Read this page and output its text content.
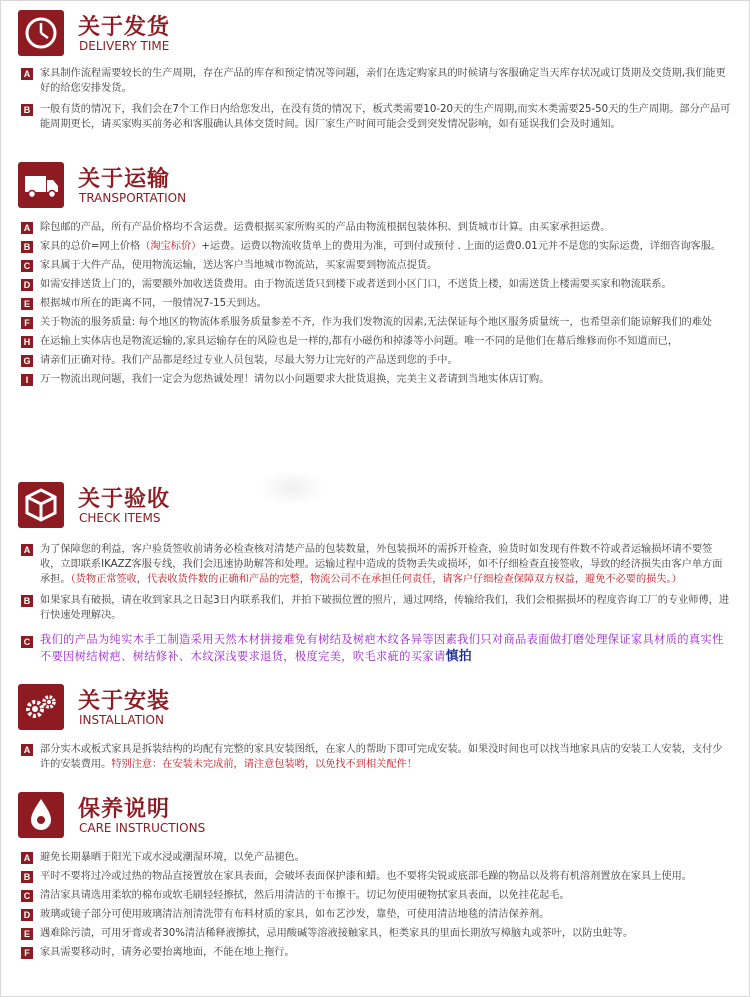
关于发货
DELIVERY TIME
A 家具制作流程需要较长的生产周期，存在产品的库存和预定情况等问题，亲们在选定购家具的时候请与客服确定当天库存状况或订货期及交货期,我们能更好的给您安排发货。
B 一般有货的情况下，我们会在7个工作日内给您发出，在没有货的情况下，板式类需要10-20天的生产周期,而实木类需要25-50天的生产周期。部分产品可能周期更长，请买家购买前务必和客服确认具体交货时间。因厂家生产时间可能会受到突发情况影响，如有延误我们会及时通知。
关于运输
TRANSPORTATION
A 除包邮的产品，所有产品价格均不含运费。运费根据买家所购买的产品由物流根据包装体积、到货城市计算。由买家承担运费。
B 家具的总价=网上价格（淘宝标价）+运费。运费以物流收货单上的费用为准，可到付或预付 . 上面的运费0.01元并不是您的实际运费，详细咨询客服。
C 家具属于大件产品，使用物流运输，送达客户当地城市物流站，买家需要到物流点提货。
D 如需安排送货上门的，需要额外加收送货费用。由于物流送货只到楼下或者送到小区门口，不送货上楼，如需送货上楼需要买家和物流联系。
E 根据城市所在的距离不同，一般情况7-15天到达。
F	关于物流的服务质量: 每个地区的物流体系服务质量参差不齐，作为我们发物流的因素,无法保证每个地区服务质量统一，也希望亲们能谅解我们的难处
H 在运输上实体店也是物流运输的,家具运输存在的风险也是一样的,都有小磁伤和掉漆等小问题。唯一不同的是他们在幕后维修而你不知道而已，
G 请亲们正确对待。我们产品都是经过专业人员包装，尽最大努力让完好的产品送到您的手中。
I	万一物流出现问题，我们一定会为您热诚处理！请勿以小问题要求大批货退换，完美主义者请到当地实体店订购。
关于验收
CHECK ITEMS
A 为了保障您的利益，客户验货签收前请务必检查核对清楚产品的包装数量，外包装损坏的需拆开检查，验货时如发现有件数不符或者运输损坏请不要签收，立即联系IKAZZ客服专线，我们会迅速协助解答和处理。运输过程中造成的货物丢失或损坏，如不仔细检查直接签收，导致的经济损失由客户单方面承担。（货物正常签收，代表收货件数的正确和产品的完整，物流公司不在承担任何责任，请客户仔细检查保障双方权益，避免不必要的损失。）
B 如果家具有破损，请在收到家具之日起3日内联系我们，并拍下破损位置的照片，通过网络，传输给我们，我们会根据损坏的程度咨询工厂的专业师傅，进行快速处理解决。
C 我们的产品为纯实木手工制造采用天然木材拼接难免有树结及树疤木纹各异等因素我们只对商品表面做打磨处理保证家具材质的真实性不要因树结树疤、树结修补、木纹深浅要求退货，极度完美，吹毛求疵的买家请慎拍
关于安装
INSTALLATION
A 部分实木或板式家具是拆装结构的均配有完整的家具安装图纸，在家人的帮助下即可完成安装。如果没时间也可以找当地家具店的安装工人安装，支付少许的安装费用。特别注意：在安装未完成前，请注意包装哟，以免找不到相关配件！
保养说明
CARE INSTRUCTIONS
A 避免长期暴晒于阳光下或水浸或潮湿环境，以免产品褪色。
B 平时不要将过冷或过热的物品直接置放在家具表面，会破坏表面保护漆和蜡。也不要将尖锐或底部毛躁的物品以及将有机溶剂置放在家具上使用。
C 清洁家具请选用柔软的棉布或软毛刷轻轻擦拭，然后用清洁的干布擦干。切记勿使用硬物拭家具表面，以免挂花起毛。
D 玻璃或镜子部分可使用玻璃清洁剂清洗带有布料材质的家具，如布艺沙发，靠垫，可使用清洁地毯的清洁保养剂。
E 遇难除污渍，可用牙膏或者30%清洁稀释液擦拭，忌用酸碱等溶液接触家具，柜类家具的里面长期放写樟脑丸或茶叶，以防虫蛀等。
F	家具需要移动时，请务必要抬离地面，不能在地上拖行。
